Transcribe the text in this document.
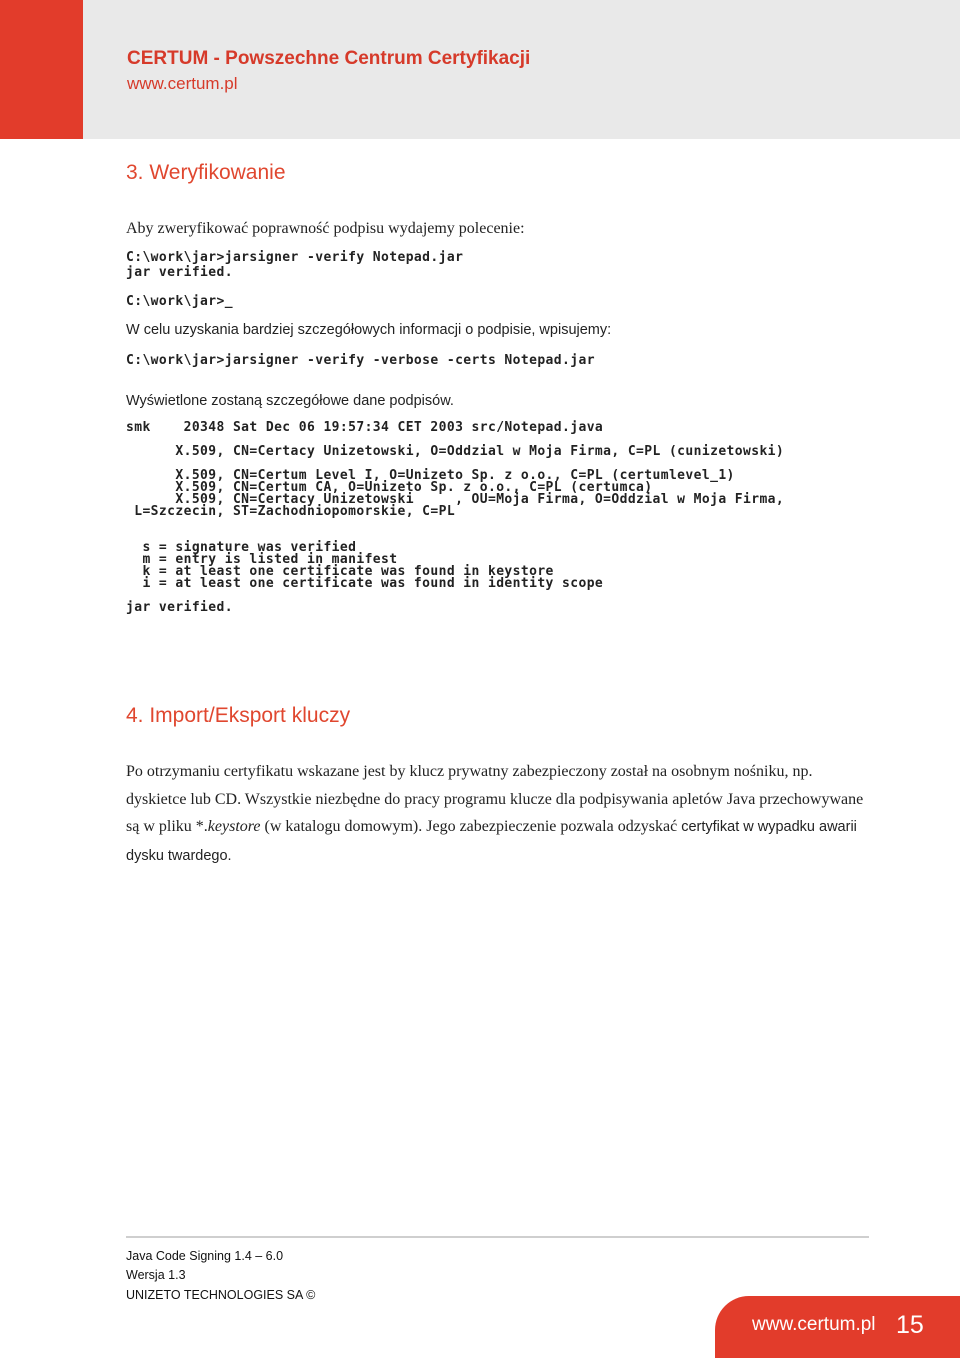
CERTUM - Powszechne Centrum Certyfikacji
www.certum.pl
3. Weryfikowanie
Aby zweryfikować poprawność podpisu wydajemy polecenie:
C:\work\jar>jarsigner -verify Notepad.jar
jar verified.
C:\work\jar>_
W celu uzyskania bardziej szczegółowych informacji o podpisie, wpisujemy:
C:\work\jar>jarsigner -verify -verbose -certs Notepad.jar
Wyświetlone zostaną szczegółowe dane podpisów.
smk    20348 Sat Dec 06 19:57:34 CET 2003 src/Notepad.java
X.509, CN=Certacy Unizetowski, O=Oddzial w Moja Firma, C=PL (cunizetowski)
X.509, CN=Certum Level I, O=Unizeto Sp. z o.o., C=PL (certumlevel_1)
X.509, CN=Certum CA, O=Unizeto Sp. z o.o., C=PL (certumca)
X.509, CN=Certacy Unizetowski     , OU=Moja Firma, O=Oddzial w Moja Firma,
L=Szczecin, ST=Zachodniopomorskie, C=PL
s = signature was verified
m = entry is listed in manifest
k = at least one certificate was found in keystore
i = at least one certificate was found in identity scope
jar verified.
4. Import/Eksport kluczy
Po otrzymaniu certyfikatu wskazane jest by klucz prywatny zabezpieczony został na osobnym nośniku, np. dyskietce lub CD. Wszystkie niezbędne do pracy programu klucze dla podpisywania apletów Java przechowywane są w pliku *.keystore (w katalogu domowym). Jego zabezpieczenie pozwala odzyskać certyfikat w wypadku awarii dysku twardego.
Java Code Signing 1.4 – 6.0
Wersja 1.3
UNIZETO TECHNOLOGIES SA ©
www.certum.pl 15
